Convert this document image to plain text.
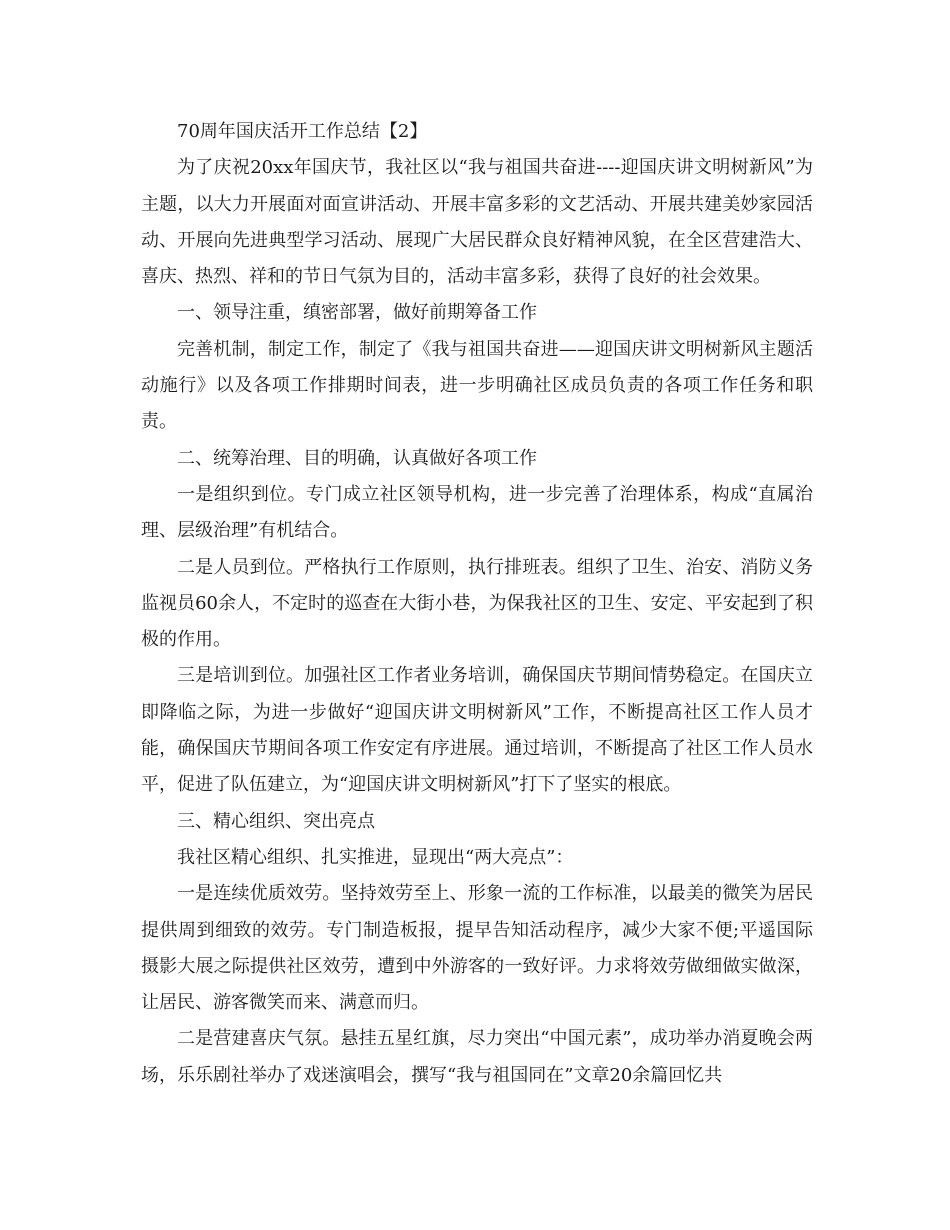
70周年国庆活开工作总结【2】

为了庆祝20xx年国庆节，我社区以“我与祖国共奋进----迎国庆讲文明树新风”为主题，以大力开展面对面宣讲活动、开展丰富多彩的文艺活动、开展共建美妙家园活动、开展向先进典型学习活动、展现广大居民群众良好精神风貌，在全区营建浩大、喜庆、热烈、祥和的节日气氛为目的，活动丰富多彩，获得了良好的社会效果。

一、领导注重，缜密部署，做好前期筹备工作

完善机制，制定工作，制定了《我与祖国共奋进——迎国庆讲文明树新风主题活动施行》以及各项工作排期时间表，进一步明确社区成员负责的各项工作任务和职责。

二、统筹治理、目的明确，认真做好各项工作

一是组织到位。专门成立社区领导机构，进一步完善了治理体系，构成“直属治理、层级治理”有机结合。

二是人员到位。严格执行工作原则，执行排班表。组织了卫生、治安、消防义务监视员60余人，不定时的巡查在大街小巷，为保我社区的卫生、安定、平安起到了积极的作用。

三是培训到位。加强社区工作者业务培训，确保国庆节期间情势稳定。在国庆立即降临之际，为进一步做好“迎国庆讲文明树新风”工作，不断提高社区工作人员才能，确保国庆节期间各项工作安定有序进展。通过培训，不断提高了社区工作人员水平，促进了队伍建立，为“迎国庆讲文明树新风”打下了坚实的根底。

三、精心组织、突出亮点

我社区精心组织、扎实推进，显现出“两大亮点”：

一是连续优质效劳。坚持效劳至上、形象一流的工作标准，以最美的微笑为居民提供周到细致的效劳。专门制造板报，提早告知活动程序，减少大家不便;平遥国际摄影大展之际提供社区效劳，遭到中外游客的一致好评。力求将效劳做细做实做深，让居民、游客微笑而来、满意而归。

二是营建喜庆气氛。悬挂五星红旗，尽力突出“中国元素”，成功举办消夏晚会两场，乐乐剧社举办了戏迷演唱会，撰写“我与祖国同在”文章20余篇回忆共
